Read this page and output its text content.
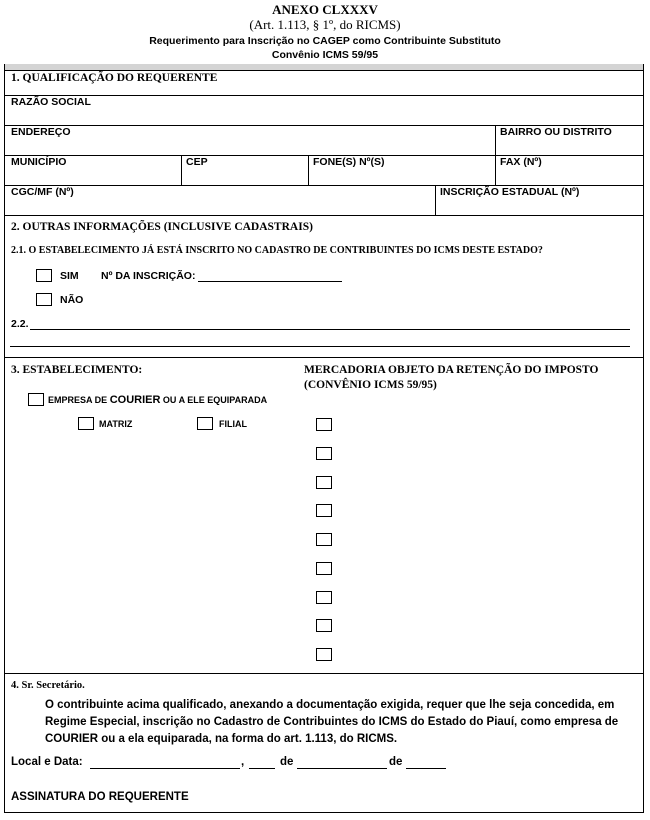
ANEXO CLXXXV
(Art. 1.113, § 1º, do RICMS)
Requerimento para Inscrição no CAGEP como Contribuinte Substituto
Convênio ICMS 59/95
1. QUALIFICAÇÃO DO REQUERENTE
RAZÃO SOCIAL
ENDEREÇO	BAIRRO OU DISTRITO
MUNICÍPIO	CEP	FONE(S) Nº(S)	FAX (Nº)
CGC/MF (Nº)	INSCRIÇÃO ESTADUAL (Nº)
2. OUTRAS INFORMAÇÕES (INCLUSIVE CADASTRAIS)
2.1. O ESTABELECIMENTO JÁ ESTÁ INSCRITO NO CADASTRO DE CONTRIBUINTES DO ICMS DESTE ESTADO?
SIM Nº DA INSCRIÇÃO:
NÃO
2.2.
3. ESTABELECIMENTO:	MERCADORIA OBJETO DA RETENÇÃO DO IMPOSTO
(CONVÊNIO ICMS 59/95)
EMPRESA DE COURIER OU A ELE EQUIPARADA
MATRIZ	FILIAL
4. Sr. Secretário.
O contribuinte acima qualificado, anexando a documentação exigida, requer que lhe seja concedida, em Regime Especial, inscrição no Cadastro de Contribuintes do ICMS do Estado do Piauí, como empresa de COURIER ou a ela equiparada, na forma do art. 1.113, do RICMS.
Local e Data:	,	de	de
ASSINATURA DO REQUERENTE
